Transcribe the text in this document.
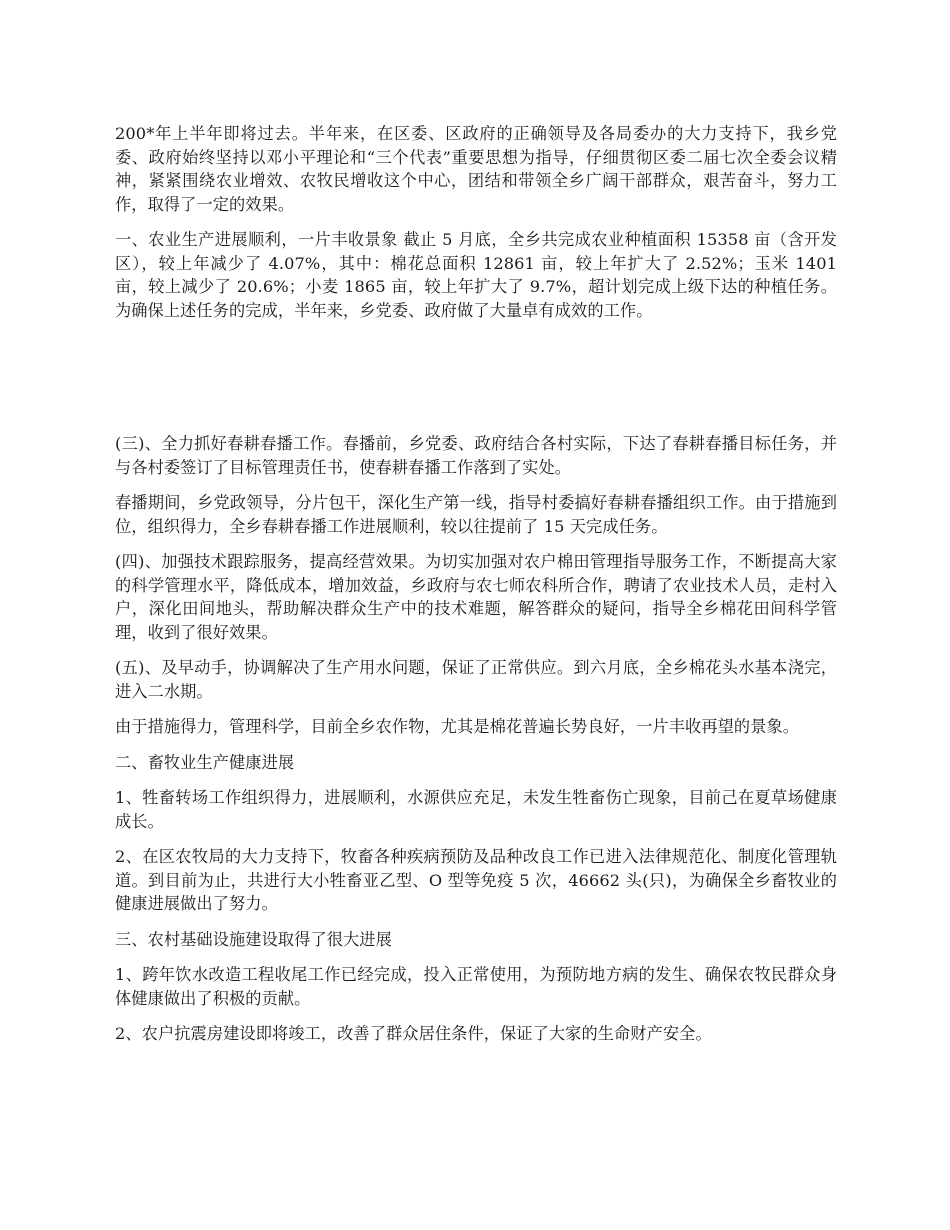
200*年上半年即将过去。半年来，在区委、区政府的正确领导及各局委办的大力支持下，我乡党委、政府始终坚持以邓小平理论和“三个代表”重要思想为指导，仔细贯彻区委二届七次全委会议精神，紧紧围绕农业增效、农牧民增收这个中心，团结和带领全乡广阔干部群众，艰苦奋斗，努力工作，取得了一定的效果。

一、农业生产进展顺利，一片丰收景象 截止 5 月底，全乡共完成农业种植面积 15358 亩（含开发区），较上年减少了 4.07%，其中：棉花总面积 12861 亩，较上年扩大了 2.52%；玉米 1401 亩，较上减少了 20.6%；小麦 1865 亩，较上年扩大了 9.7%，超计划完成上级下达的种植任务。 为确保上述任务的完成，半年来，乡党委、政府做了大量卓有成效的工作。

(三)、全力抓好春耕春播工作。春播前，乡党委、政府结合各村实际，下达了春耕春播目标任务，并与各村委签订了目标管理责任书，使春耕春播工作落到了实处。

春播期间，乡党政领导，分片包干，深化生产第一线，指导村委搞好春耕春播组织工作。由于措施到位，组织得力，全乡春耕春播工作进展顺利，较以往提前了 15 天完成任务。

(四)、加强技术跟踪服务，提高经营效果。为切实加强对农户棉田管理指导服务工作，不断提高大家的科学管理水平，降低成本，增加效益，乡政府与农七师农科所合作，聘请了农业技术人员，走村入户，深化田间地头，帮助解决群众生产中的技术难题，解答群众的疑问，指导全乡棉花田间科学管理，收到了很好效果。

(五)、及早动手，协调解决了生产用水问题，保证了正常供应。到六月底，全乡棉花头水基本浇完，进入二水期。

由于措施得力，管理科学，目前全乡农作物，尤其是棉花普遍长势良好，一片丰收再望的景象。

二、畜牧业生产健康进展

1、牲畜转场工作组织得力，进展顺利，水源供应充足，未发生牲畜伤亡现象，目前己在夏草场健康成长。

2、在区农牧局的大力支持下，牧畜各种疾病预防及品种改良工作已进入法律规范化、制度化管理轨道。到目前为止，共进行大小牲畜亚乙型、O 型等免疫 5 次，46662 头(只)，为确保全乡畜牧业的健康进展做出了努力。

三、农村基础设施建设取得了很大进展

1、跨年饮水改造工程收尾工作已经完成，投入正常使用，为预防地方病的发生、确保农牧民群众身体健康做出了积极的贡献。

2、农户抗震房建设即将竣工，改善了群众居住条件，保证了大家的生命财产安全。
